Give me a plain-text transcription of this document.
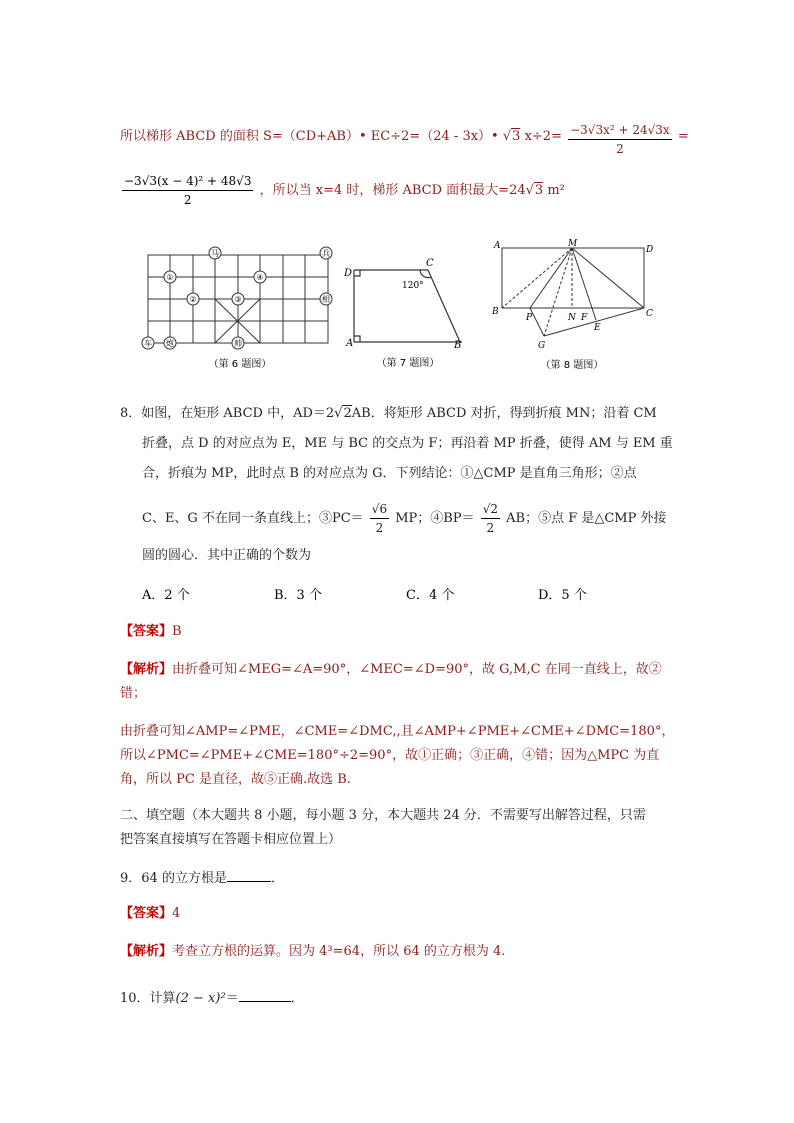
所以梯形 ABCD 的面积 S=（CD+AB）• EC÷2=（24 - 3x）• √ 3 $x\div 2= \frac{\text{−3√3x² + 24√3x}}{2}$ =
$\frac{\text{−3√3(x − 4)² + 48√3}}{2}$ ，所以当 x=4 时，梯形 ABCD 面积最大=24 √ 3 m²
马	兵
①	④
②	③	相
车 炮	帅
（第 6 题图）
D
C
120°
A	B
（第 7 题图）
A	M
D
B
P	N F	C
E
G
（第 8 题图）
8．如图，在矩形 ABCD 中，AD＝2 √ 2AB．将矩形 ABCD 对折，得到折痕 MN；沿着 CM
折叠，点 D 的对应点为 E，ME 与 BC 的交点为 F；再沿着 MP 折叠，使得 AM 与 EM 重
合，折痕为 MP，此时点 B 的对应点为 G．下列结论：①△CMP 是直角三角形；②点
C、E、G 不在同一条直线上；③PC＝ $\frac{√6}{2}$ MP；④BP＝ $\frac{√2}{2}$ AB；⑤点 F 是△CMP 外接
圆的圆心．其中正确的个数为
A．2 个	B．3 个	C．4 个	D．5 个
【答案】B
【解析】由折叠可知∠MEG=∠A=90°，∠MEC=∠D=90°，故 G,M,C 在同一直线上，故②
错；
由折叠可知∠AMP=∠PME，∠CME=∠DMC,,且∠AMP+∠PME+∠CME+∠DMC=180°，
所以∠PMC=∠PME+∠CME=180°÷2=90°，故①正确；③正确，④错；因为△MPC 为直
角，所以 PC 是直径，故⑤正确.故选 B.
二、填空题（本大题共 8 小题，每小题 3 分，本大题共 24 分．不需要写出解答过程，只需
把答案直接填写在答题卡相应位置上）
9．64 的立方根是	．
【答案】4
【解析】考查立方根的运算。因为 4³=64，所以 64 的立方根为 4.
10．计算(2 − x)²＝	．
